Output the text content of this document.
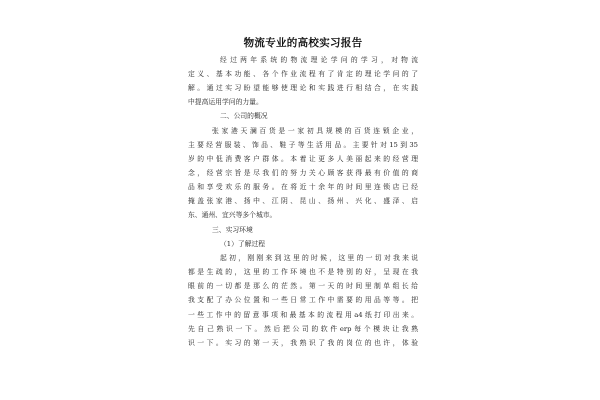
物流专业的高校实习报告
经过两年系统的物流理论学问的学习，对物流
定义、基本功能、各个作业流程有了肯定的理论学问的了
解。通过实习盼望能够使理论和实践进行相结合，在实践
中提高运用学问的力量。
二、公司的概况
张家港天澜百货是一家初具规模的百货连锁企业，
主要经营服装、饰品、鞋子等生活用品。主要针对15到35
岁的中低消费客户群体。本着让更多人美丽起来的经营理
念，经营宗旨是尽我们的努力关心顾客获得最有价值的商
品和享受欢乐的服务。在将近十余年的时间里连锁店已经
掩盖张家港、扬中、江阴、昆山、扬州、兴化、盛泽、启
东、通州、宜兴等多个城市。
三、实习环境
（1）了解过程
起初，刚刚来到这里的时候，这里的一切对我来说
都是生疏的，这里的工作环境也不是特别的好，呈现在我
眼前的一切都是那么的茫然。第一天的时间里制单组长给
我支配了办公位置和一些日常工作中需要的用品等等。把
一些工作中的留意事项和最基本的流程用a4纸打印出来。
先自己熟识一下。然后把公司的软件erp每个模块让我熟
识一下。实习的第一天，我熟识了我的岗位的也许，体验
